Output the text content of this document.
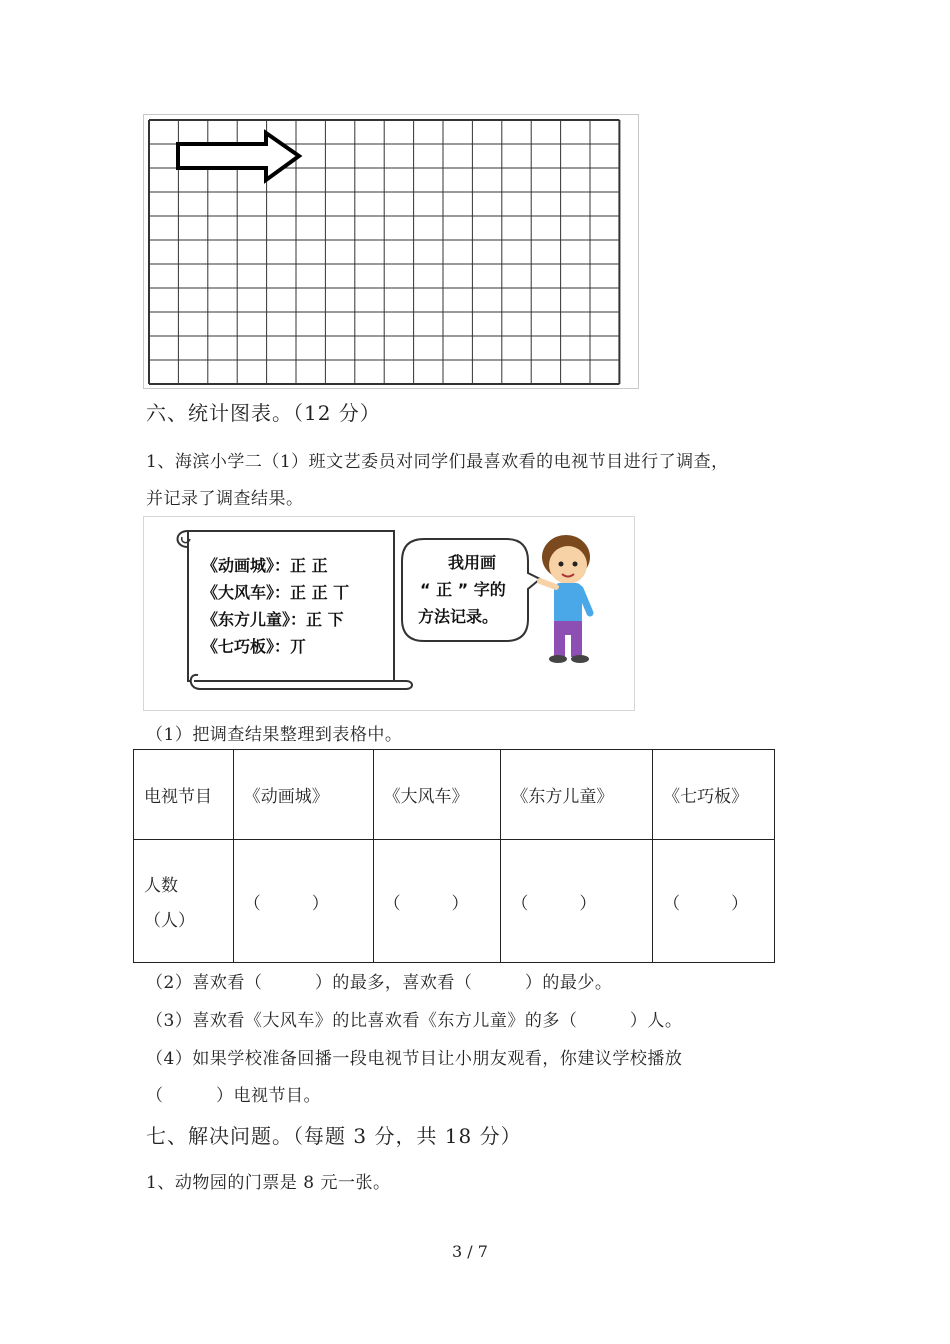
六、统计图表。（12 分）
1、海滨小学二（1）班文艺委员对同学们最喜欢看的电视节目进行了调查，
并记录了调查结果。
《动画城》：正 正
《大风车》：正 正 丅
《东方儿童》：正 下
《七巧板》：丌
我用画
“ 正 ” 字的
方法记录。
（1）把调查结果整理到表格中。
电视节目	《动画城》	《大风车》	《东方儿童》	《七巧板》

人数
（人）	（　　　）	（　　　）	（　　　）	（　　　）
（2）喜欢看（　　　）的最多，喜欢看（　　　）的最少。
（3）喜欢看《大风车》的比喜欢看《东方儿童》的多（　　　）人。
（4）如果学校准备回播一段电视节目让小朋友观看，你建议学校播放
（　　　）电视节目。
七、解决问题。（每题 3 分，共 18 分）
1、动物园的门票是 8 元一张。
3 / 7
